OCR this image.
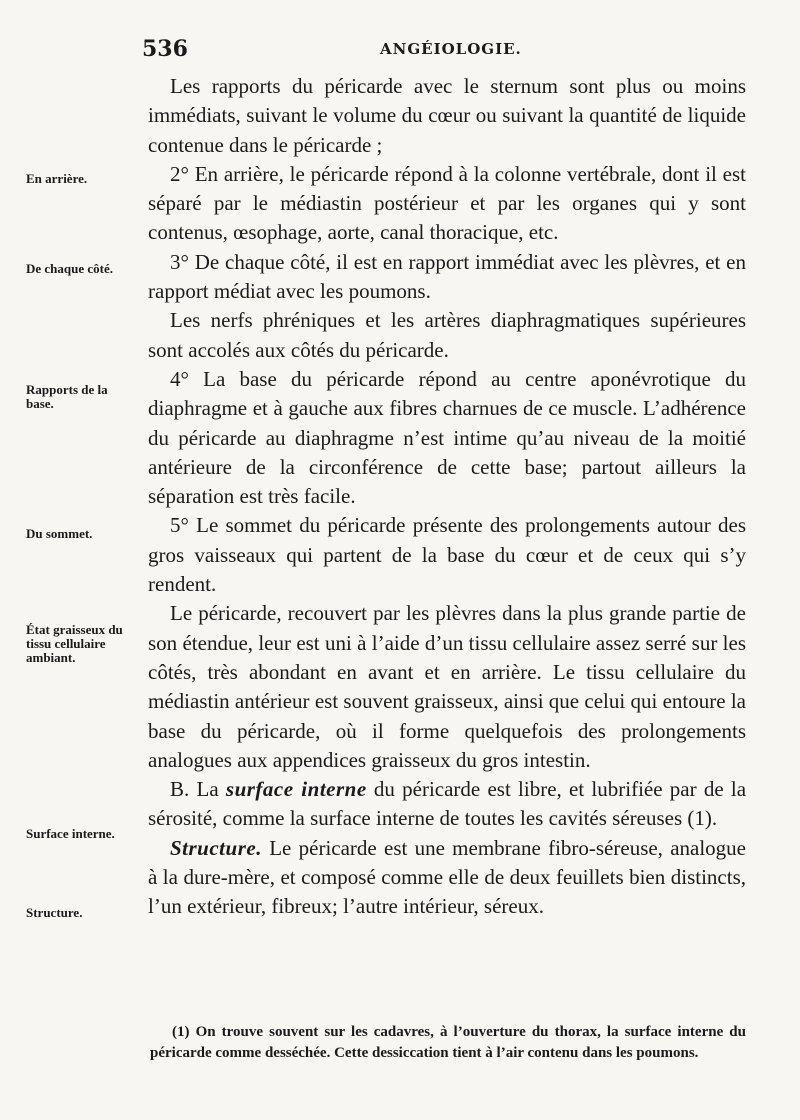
536	ANGÉIOLOGIE.
En arrière.
De chaque côté.
Rapports de la base.
Du sommet.
État graisseux du tissu cellulaire ambiant.
Surface interne.
Structure.

Les rapports du péricarde avec le sternum sont plus ou moins immédiats, suivant le volume du cœur ou suivant la quantité de liquide contenue dans le péricarde ;

2° En arrière, le péricarde répond à la colonne vertébrale, dont il est séparé par le médiastin postérieur et par les organes qui y sont contenus, œsophage, aorte, canal thoracique, etc.

3° De chaque côté, il est en rapport immédiat avec les plèvres, et en rapport médiat avec les poumons.

Les nerfs phréniques et les artères diaphragmatiques supérieures sont accolés aux côtés du péricarde.

4° La base du péricarde répond au centre aponévrotique du diaphragme et à gauche aux fibres charnues de ce muscle. L’adhérence du péricarde au diaphragme n’est intime qu’au niveau de la moitié antérieure de la circonférence de cette base; partout ailleurs la séparation est très facile.

5° Le sommet du péricarde présente des prolongements autour des gros vaisseaux qui partent de la base du cœur et de ceux qui s’y rendent.

Le péricarde, recouvert par les plèvres dans la plus grande partie de son étendue, leur est uni à l’aide d’un tissu cellulaire assez serré sur les côtés, très abondant en avant et en arrière. Le tissu cellulaire du médiastin antérieur est souvent graisseux, ainsi que celui qui entoure la base du péricarde, où il forme quelquefois des prolongements analogues aux appendices graisseux du gros intestin.

B. La surface interne du péricarde est libre, et lubrifiée par de la sérosité, comme la surface interne de toutes les cavités séreuses (1).

Structure. Le péricarde est une membrane fibro-séreuse, analogue à la dure-mère, et composé comme elle de deux feuillets bien distincts, l’un extérieur, fibreux; l’autre intérieur, séreux.

(1) On trouve souvent sur les cadavres, à l’ouverture du thorax, la surface interne du péricarde comme desséchée. Cette dessiccation tient à l’air contenu dans les poumons.
